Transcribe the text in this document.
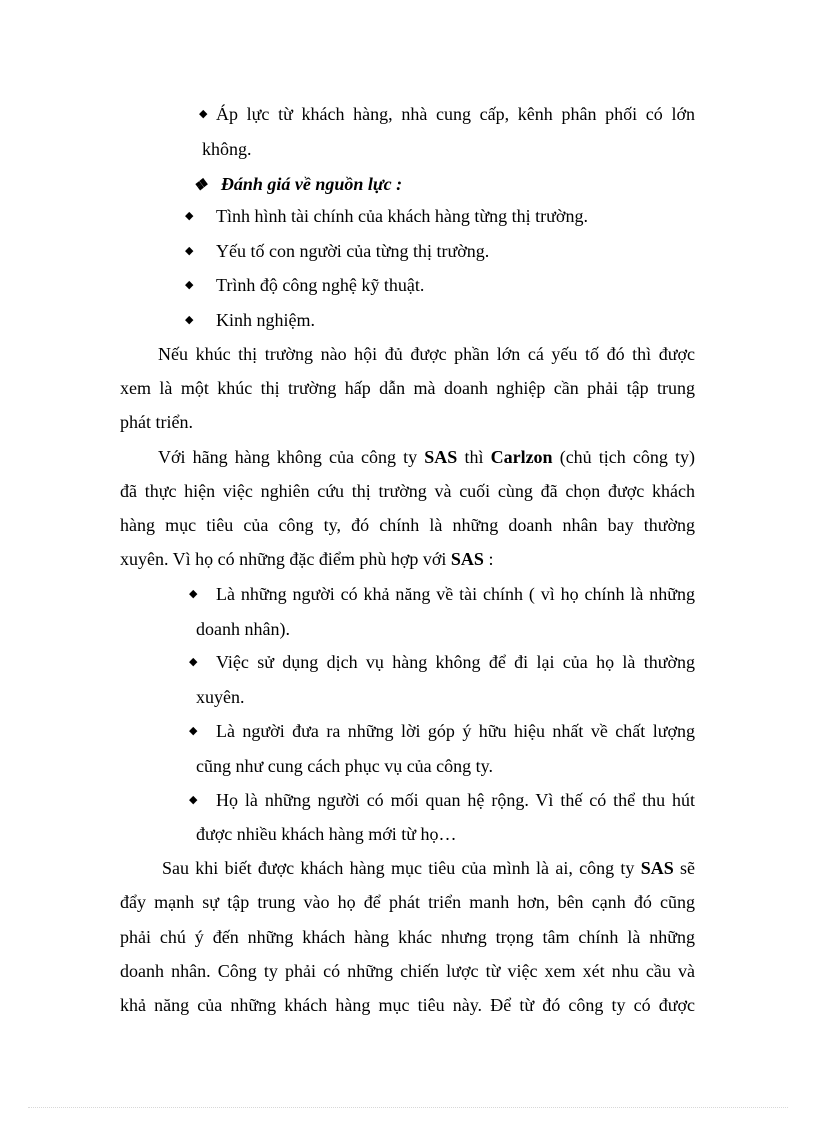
◆ Áp lực từ khách hàng, nhà cung cấp, kênh phân phối có lớn
không.
❖ Đánh giá về nguồn lực :
◆ Tình hình tài chính của khách hàng từng thị trường.
◆ Yếu tố con người của từng thị trường.
◆ Trình độ công nghệ kỹ thuật.
◆ Kinh nghiệm.
Nếu khúc thị trường nào hội đủ được phần lớn cá yếu tố đó thì được
xem là một khúc thị trường hấp dẫn mà doanh nghiệp cần phải tập trung
phát triển.
Với hãng hàng không của công ty SAS thì Carlzon (chủ tịch công ty)
đã thực hiện việc nghiên cứu thị trường và cuối cùng đã chọn được khách
hàng mục tiêu của công ty, đó chính là những doanh nhân bay thường
xuyên. Vì họ có những đặc điểm phù hợp với SAS :
◆ Là những người có khả năng về tài chính ( vì họ chính là những
doanh nhân).
◆ Việc sử dụng dịch vụ hàng không để đi lại của họ là thường
xuyên.
◆ Là người đưa ra những lời góp ý hữu hiệu nhất về chất lượng
cũng như cung cách phục vụ của công ty.
◆ Họ là những người có mối quan hệ rộng. Vì thế có thể thu hút
được nhiều khách hàng mới từ họ…
Sau khi biết được khách hàng mục tiêu của mình là ai, công ty SAS sẽ
đẩy mạnh sự tập trung vào họ để phát triển manh hơn, bên cạnh đó cũng
phải chú ý đến những khách hàng khác nhưng trọng tâm chính là những
doanh nhân. Công ty phải có những chiến lược từ việc xem xét nhu cầu và
khả năng của những khách hàng mục tiêu này. Để từ đó công ty có được
